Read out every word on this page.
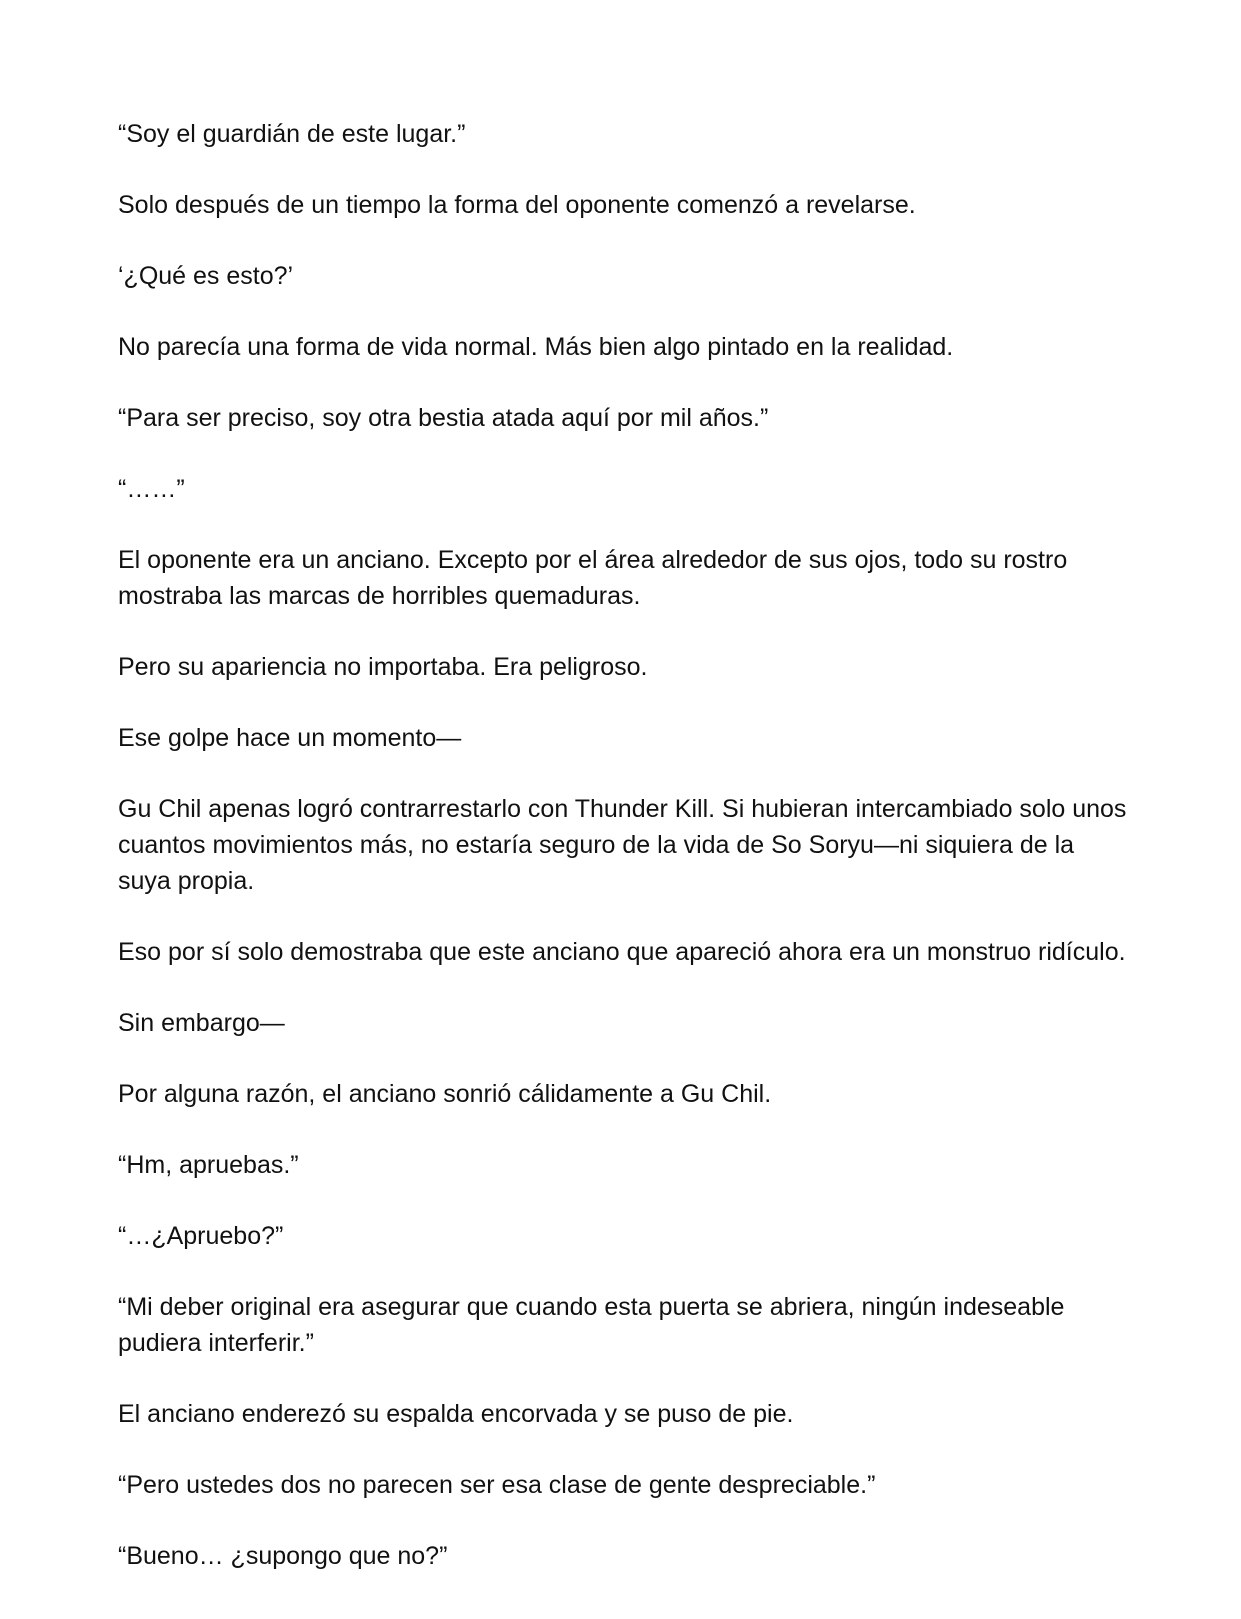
“Soy el guardián de este lugar.”

Solo después de un tiempo la forma del oponente comenzó a revelarse.

‘¿Qué es esto?’

No parecía una forma de vida normal. Más bien algo pintado en la realidad.

“Para ser preciso, soy otra bestia atada aquí por mil años.”

“……”

El oponente era un anciano. Excepto por el área alrededor de sus ojos, todo su rostro mostraba las marcas de horribles quemaduras.

Pero su apariencia no importaba. Era peligroso.

Ese golpe hace un momento—

Gu Chil apenas logró contrarrestarlo con Thunder Kill. Si hubieran intercambiado solo unos cuantos movimientos más, no estaría seguro de la vida de So Soryu—ni siquiera de la suya propia.

Eso por sí solo demostraba que este anciano que apareció ahora era un monstruo ridículo.

Sin embargo—

Por alguna razón, el anciano sonrió cálidamente a Gu Chil.

“Hm, apruebas.”

“…¿Apruebo?”

“Mi deber original era asegurar que cuando esta puerta se abriera, ningún indeseable pudiera interferir.”

El anciano enderezó su espalda encorvada y se puso de pie.

“Pero ustedes dos no parecen ser esa clase de gente despreciable.”

“Bueno… ¿supongo que no?”
